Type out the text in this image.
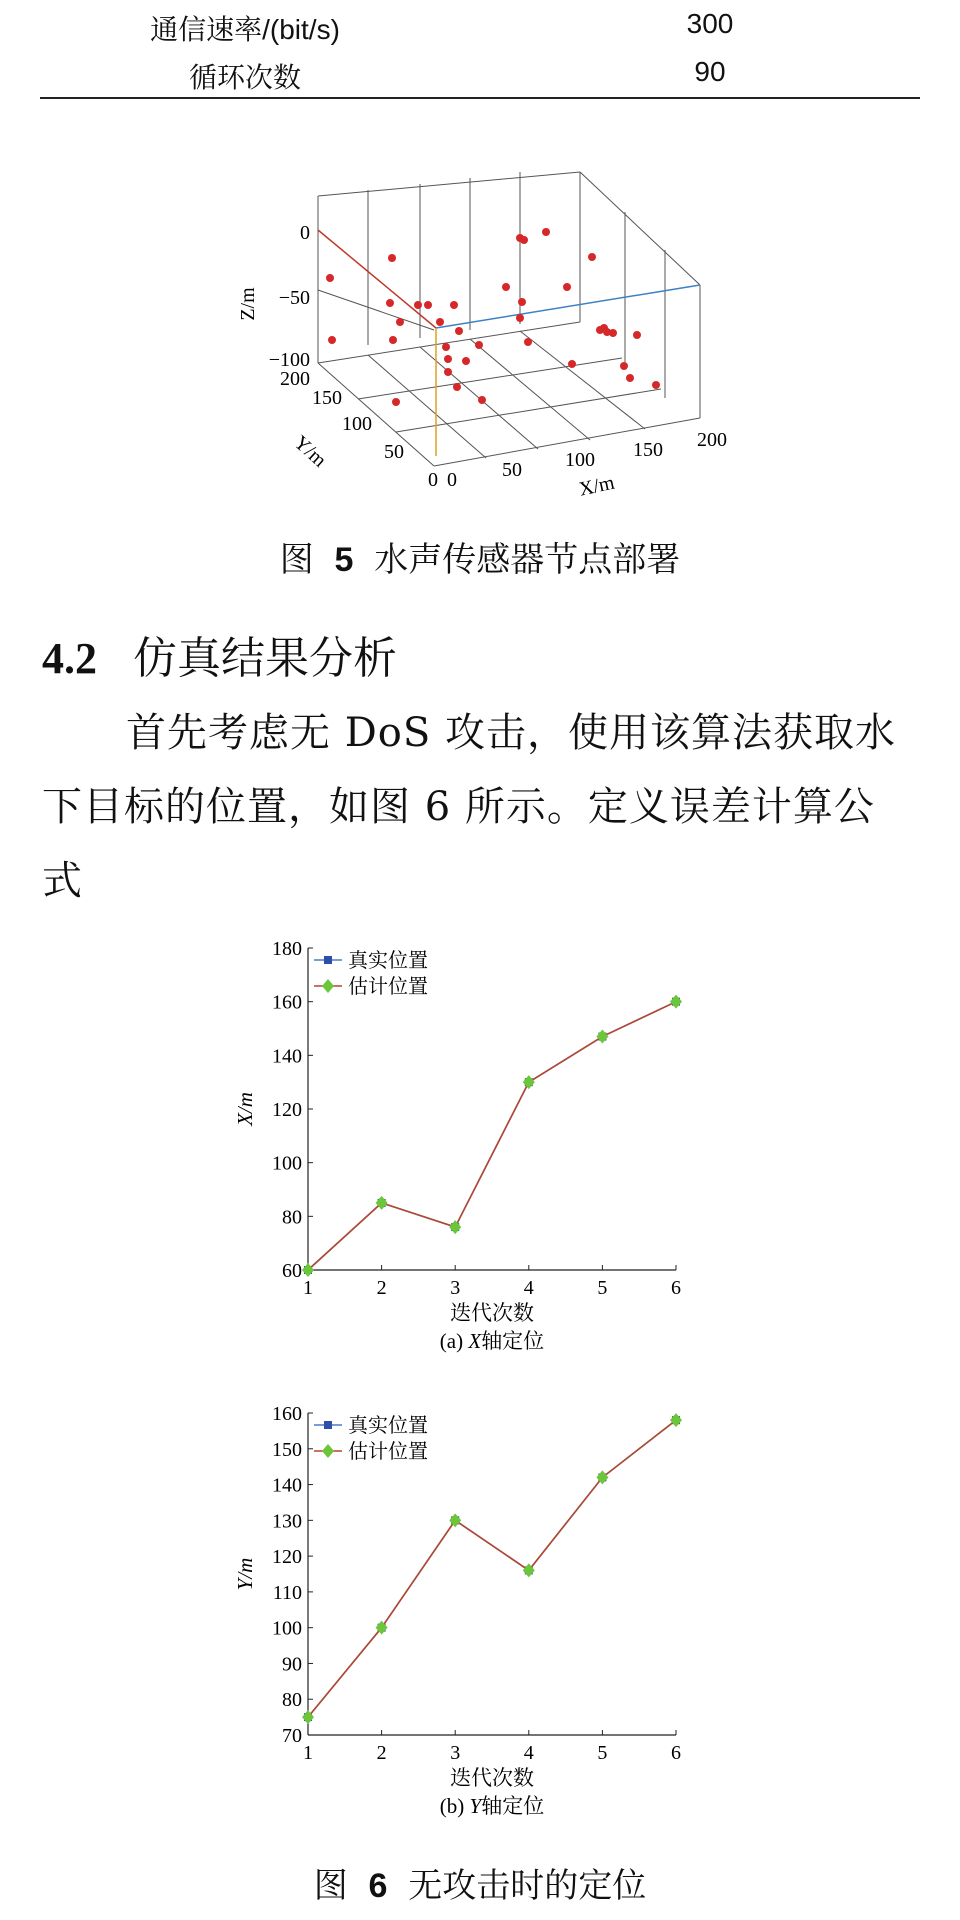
通信速率/(bit/s)	300
循环次数	90
0
−50
−100
Z/m
200
150
100
50
0
Y/m
0 50 100 150 200
X/m
图 5 水声传感器节点部署
4.2 仿真结果分析
首先考虑无 DoS 攻击，使用该算法获取水
下目标的位置，如图 6 所示。定义误差计算公
式
60
80
100
120
140
160
180
1	2	3	4	5	6
迭代次数
X/m
(a) X轴定位
真实位置
估计位置
70
80
90
100
110
120
130
140
150
160
1	2	3	4	5	6
迭代次数
Y/m
(b) Y轴定位
真实位置
估计位置
图 6 无攻击时的定位
